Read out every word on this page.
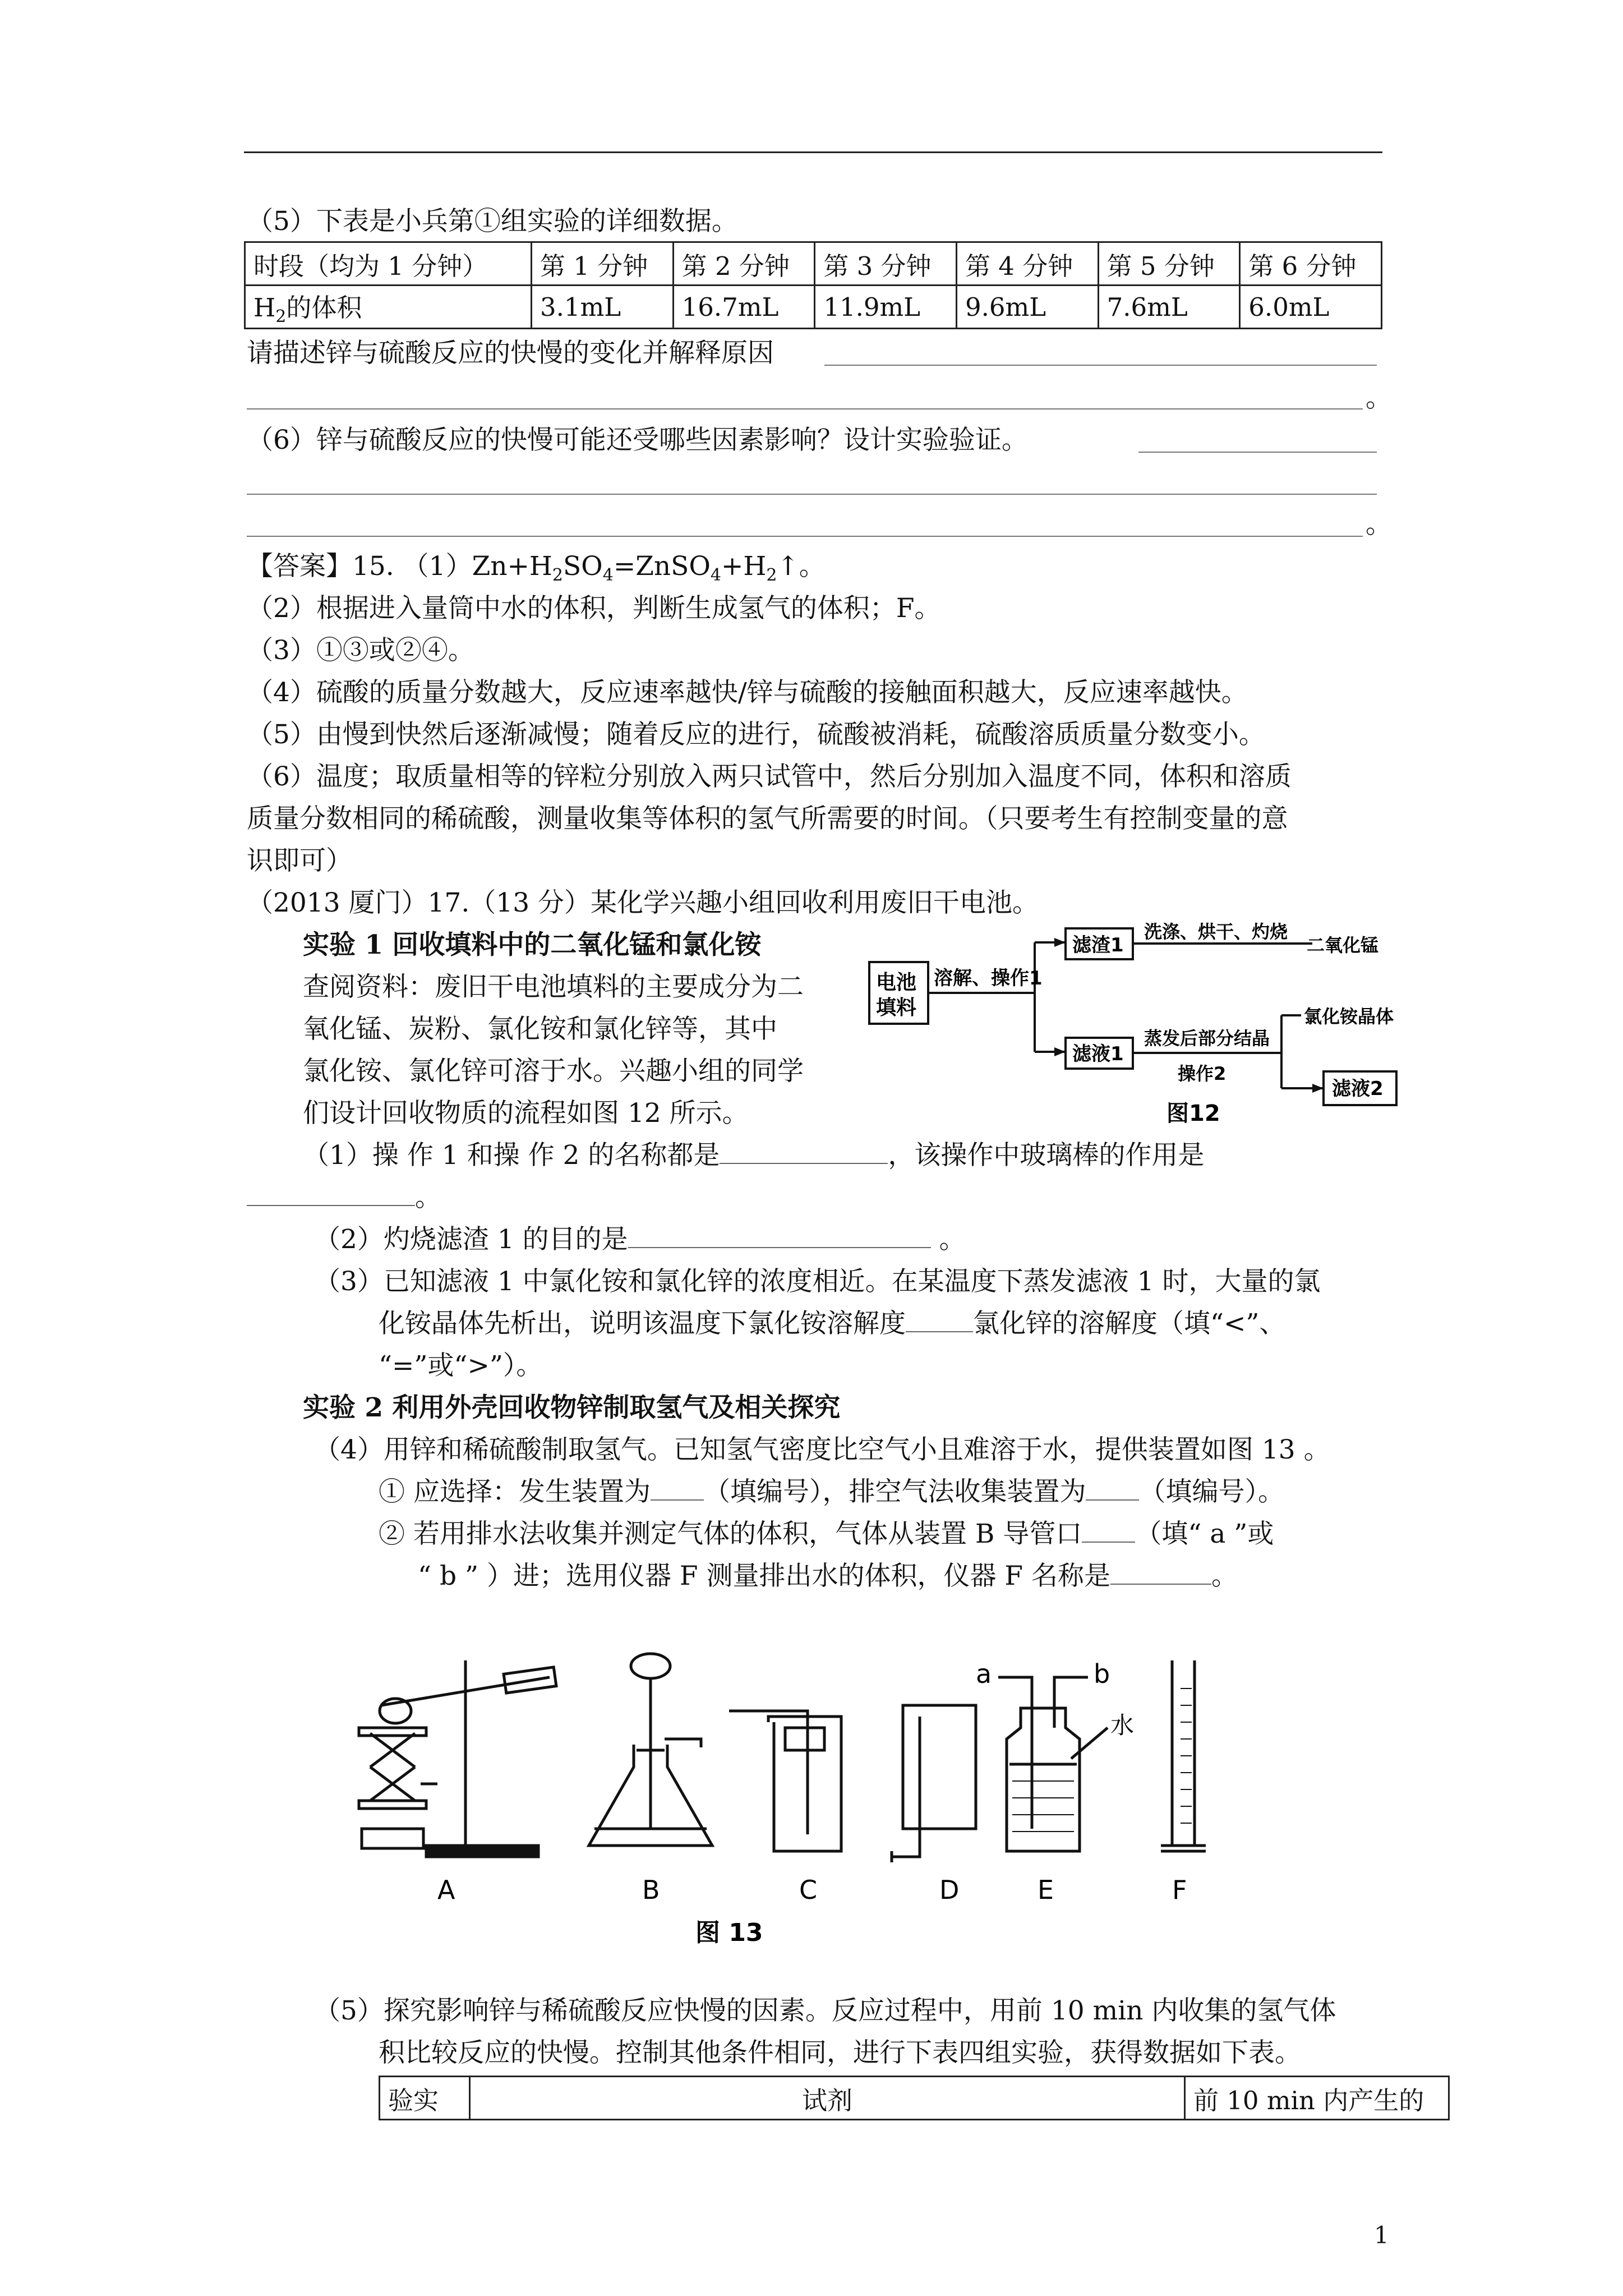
（5）下表是小兵第①组实验的详细数据。
时段（均为 1 分钟）	第 1 分钟	第 2 分钟	第 3 分钟	第 4 分钟	第 5 分钟	第 6 分钟
$H_2$的体积	3.1mL	16.7mL	11.9mL	9.6mL	7.6mL	6.0mL
请描述锌与硫酸反应的快慢的变化并解释原因
。
（6）锌与硫酸反应的快慢可能还受哪些因素影响？设计实验验证。
。
【答案】15. $(1)Zn+H_2SO_4=ZnSO_4+H_2↑$。
（2）根据进入量筒中水的体积，判断生成氢气的体积；F。
（3）①③或②④。
（4）硫酸的质量分数越大，反应速率越快/锌与硫酸的接触面积越大，反应速率越快。
（5）由慢到快然后逐渐减慢；随着反应的进行，硫酸被消耗，硫酸溶质质量分数变小。
（6）温度；取质量相等的锌粒分别放入两只试管中，然后分别加入温度不同，体积和溶质
质量分数相同的稀硫酸，测量收集等体积的氢气所需要的时间。（只要考生有控制变量的意
识即可）
（2013 厦门）17.（13 分）某化学兴趣小组回收利用废旧干电池。
实验 1 回收填料中的二氧化锰和氯化铵
查阅资料：废旧干电池填料的主要成分为二
氧化锰、炭粉、氯化铵和氯化锌等，其中
氯化铵、氯化锌可溶于水。兴趣小组的同学
们设计回收物质的流程如图 12 所示。
电池
填料
溶解、操作1
滤渣1
洗涤、烘干、灼烧
二氧化锰
滤液1
蒸发后部分结晶
操作2
氯化铵晶体
滤液2
图12
（1）操 作 1 和操 作 2 的名称都是	，该操作中玻璃棒的作用是
。
（2）灼烧滤渣 1 的目的是	。
（3）已知滤液 1 中氯化铵和氯化锌的浓度相近。在某温度下蒸发滤液 1 时，大量的氯
化铵晶体先析出，说明该温度下氯化铵溶解度	氯化锌的溶解度（填“<”、
“=”或“>”）。
实验 2 利用外壳回收物锌制取氢气及相关探究
（4）用锌和稀硫酸制取氢气。已知氢气密度比空气小且难溶于水，提供装置如图 13 。
① 应选择：发生装置为 （填编号），排空气法收集装置为 （填编号）。
② 若用排水法收集并测定气体的体积，气体从装置 B 导管口 （填“ a ”或
“ b ” ）进；选用仪器 F 测量排出水的体积，仪器 F 名称是	。
a	b
水
A	B	C	D	E	F
图 13
（5）探究影响锌与稀硫酸反应快慢的因素。反应过程中，用前 10 min 内收集的氢气体
积比较反应的快慢。控制其他条件相同，进行下表四组实验，获得数据如下表。
验实	试剂	前 10 min 内产生的
1
